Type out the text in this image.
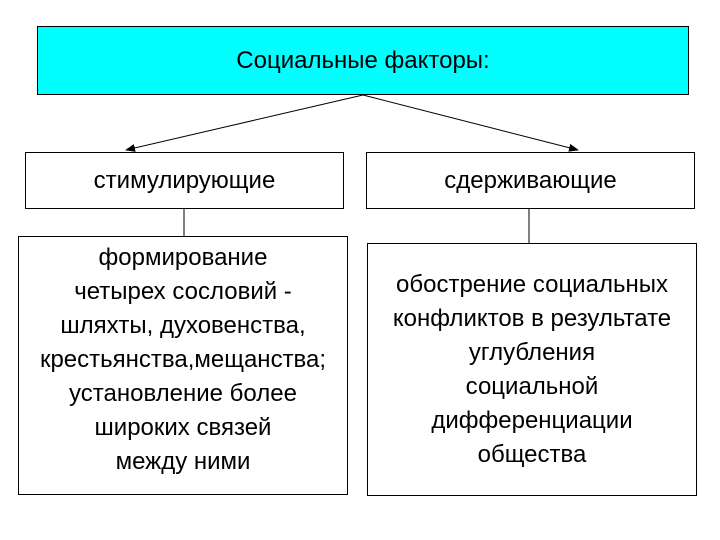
Социальные факторы:
стимулирующие	сдерживающие
формирование
четырех сословий -
шляхты, духовенства,
крестьянства,мещанства;
установление более
широких связей
между ними
обострение социальных
конфликтов в результате
углубления
социальной
дифференциации
общества
